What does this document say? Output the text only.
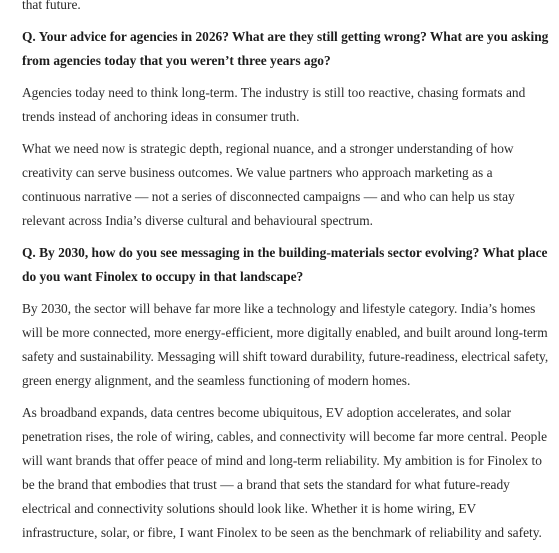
that future.

Q. Your advice for agencies in 2026? What are they still getting wrong? What are you asking from agencies today that you weren’t three years ago?

Agencies today need to think long-term. The industry is still too reactive, chasing formats and trends instead of anchoring ideas in consumer truth.

What we need now is strategic depth, regional nuance, and a stronger understanding of how creativity can serve business outcomes. We value partners who approach marketing as a continuous narrative — not a series of disconnected campaigns — and who can help us stay relevant across India’s diverse cultural and behavioural spectrum.

Q. By 2030, how do you see messaging in the building-materials sector evolving? What place do you want Finolex to occupy in that landscape?

By 2030, the sector will behave far more like a technology and lifestyle category. India’s homes will be more connected, more energy-efficient, more digitally enabled, and built around long-term safety and sustainability. Messaging will shift toward durability, future-readiness, electrical safety, green energy alignment, and the seamless functioning of modern homes.

As broadband expands, data centres become ubiquitous, EV adoption accelerates, and solar penetration rises, the role of wiring, cables, and connectivity will become far more central. People will want brands that offer peace of mind and long-term reliability. My ambition is for Finolex to be the brand that embodies that trust — a brand that sets the standard for what future-ready electrical and connectivity solutions should look like. Whether it is home wiring, EV infrastructure, solar, or fibre, I want Finolex to be seen as the benchmark of reliability and safety.
